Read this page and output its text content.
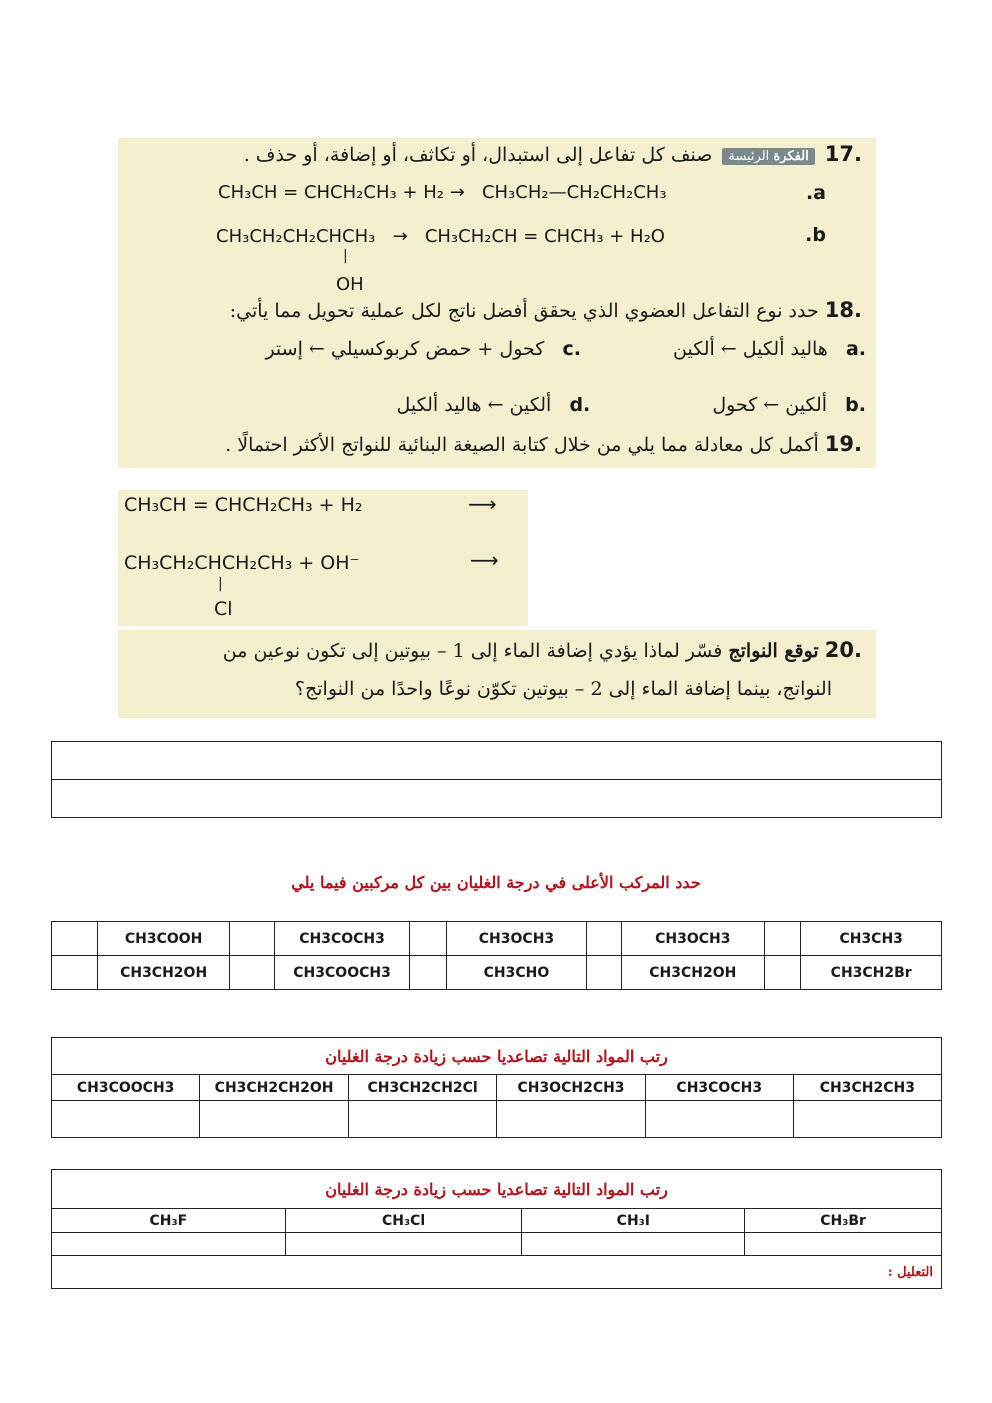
.17 الفكرة الرئيسة صنف كل تفاعل إلى استبدال، أو تكاثف، أو إضافة، أو حذف .
CH₃CH = CHCH₂CH₃ + H₂ → CH₃CH₂—CH₂CH₂CH₃	.a
CH₃CH₂CH₂CHCH₃ → CH₃CH₂CH = CHCH₃ + H₂O	.b
|
OH
.18 حدد نوع التفاعل العضوي الذي يحقق أفضل ناتج لكل عملية تحويل مما يأتي:
.a   هاليد ألكيل ← ألكين  .c   كحول + حمض كربوكسيلي ← إستر
.b   ألكين ← كحول  .d   ألكين ← هاليد ألكيل
.19 أكمل كل معادلة مما يلي من خلال كتابة الصيغة البنائية للنواتج الأكثر احتمالًا .
CH₃CH = CHCH₂CH₃ + H₂	⟶
CH₃CH₂CHCH₂CH₃ + OH⁻	⟶
|
Cl
.20 توقع النواتج فسّر لماذا يؤدي إضافة الماء إلى 1 – بيوتين إلى تكون نوعين من
النواتج، بينما إضافة الماء إلى 2 – بيوتين تكوّن نوعًا واحدًا من النواتج؟

حدد المركب الأعلى في درجة الغليان بين كل مركبين فيما يلي
CH3CH3		CH3OCH3		CH3OCH3		CH3COCH3		CH3COOH	
CH3CH2Br		CH3CH2OH		CH3CHO		CH3COOCH3		CH3CH2OH	
رتب المواد التالية تصاعديا حسب زيادة درجة الغليان					
CH3CH2CH3	CH3COCH3	CH3OCH2CH3	CH3CH2CH2Cl	CH3CH2CH2OH	CH3COOCH3

رتب المواد التالية تصاعديا حسب زيادة درجة الغليان			
CH₃Br	CH₃I	CH₃Cl	CH₃F

التعليل :			
